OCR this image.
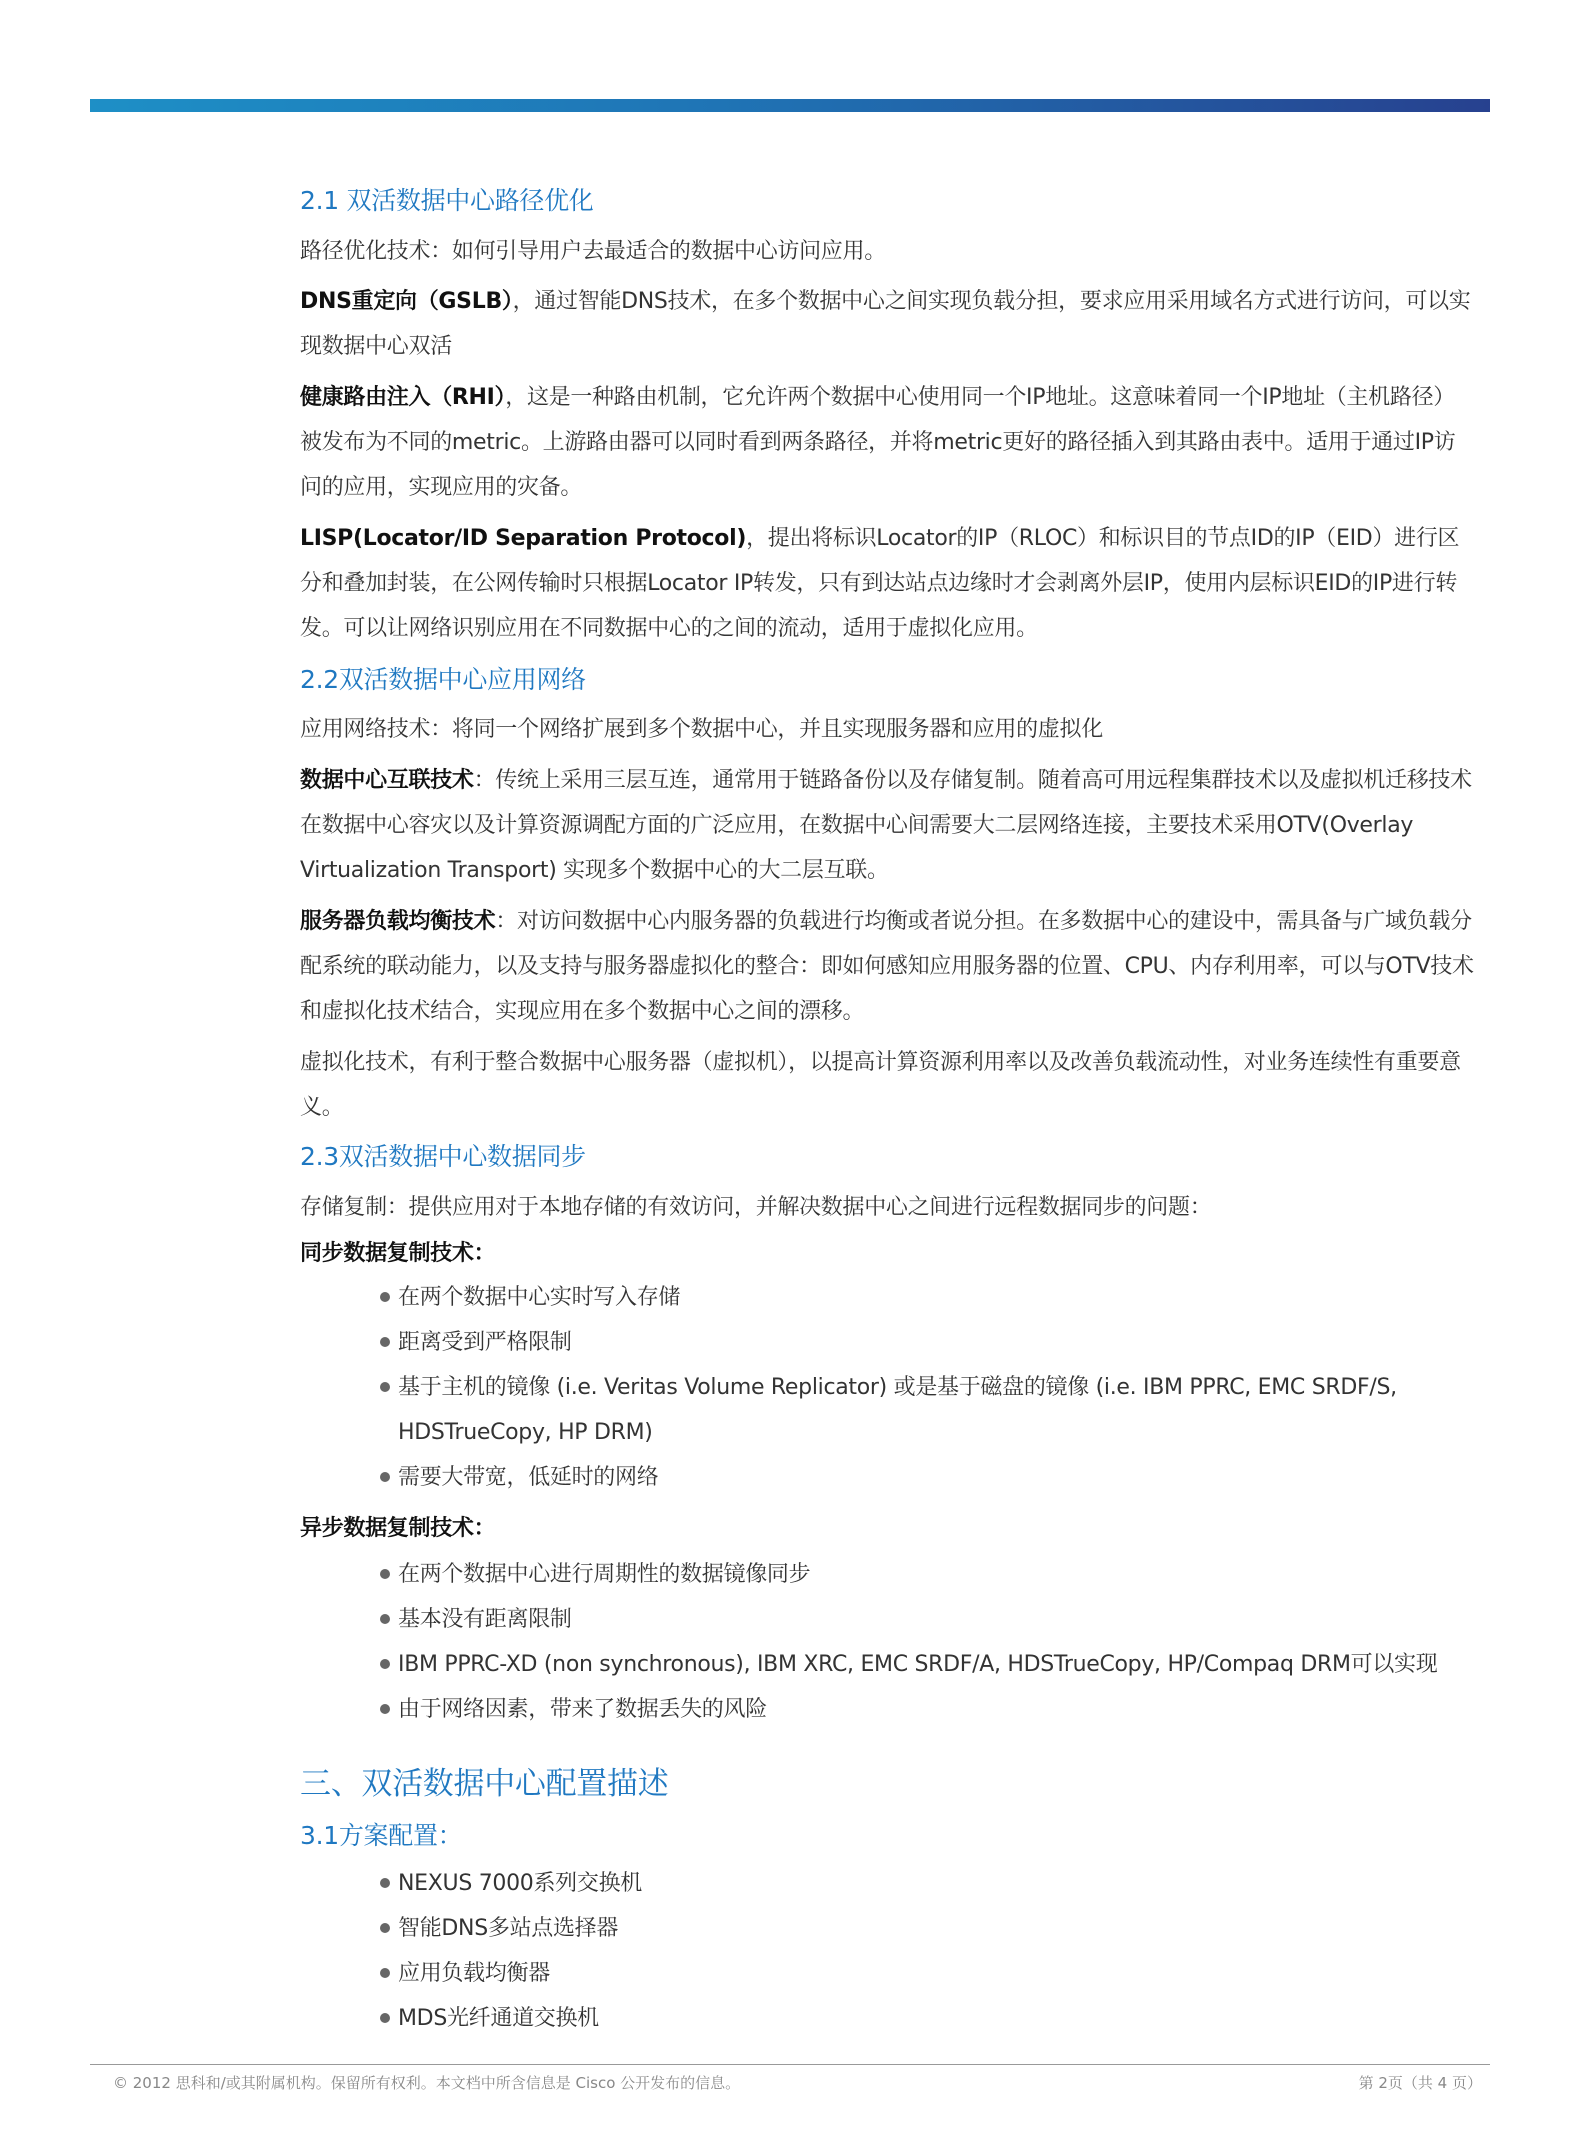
2.1 双活数据中心路径优化
路径优化技术：如何引导用户去最适合的数据中心访问应用。
DNS重定向（GSLB），通过智能DNS技术，在多个数据中心之间实现负载分担，要求应用采用域名方式进行访问，可以实现数据中心双活
健康路由注入（RHI），这是一种路由机制，它允许两个数据中心使用同一个IP地址。这意味着同一个IP地址（主机路径）被发布为不同的metric。上游路由器可以同时看到两条路径，并将metric更好的路径插入到其路由表中。适用于通过IP访问的应用，实现应用的灾备。
LISP(Locator/ID Separation Protocol)，提出将标识Locator的IP（RLOC）和标识目的节点ID的IP（EID）进行区分和叠加封装，在公网传输时只根据Locator IP转发，只有到达站点边缘时才会剥离外层IP，使用内层标识EID的IP进行转发。可以让网络识别应用在不同数据中心的之间的流动，适用于虚拟化应用。
2.2双活数据中心应用网络
应用网络技术：将同一个网络扩展到多个数据中心，并且实现服务器和应用的虚拟化
数据中心互联技术：传统上采用三层互连，通常用于链路备份以及存储复制。随着高可用远程集群技术以及虚拟机迁移技术在数据中心容灾以及计算资源调配方面的广泛应用，在数据中心间需要大二层网络连接，主要技术采用OTV(Overlay Virtualization Transport) 实现多个数据中心的大二层互联。
服务器负载均衡技术：对访问数据中心内服务器的负载进行均衡或者说分担。在多数据中心的建设中，需具备与广域负载分配系统的联动能力，以及支持与服务器虚拟化的整合：即如何感知应用服务器的位置、CPU、内存利用率，可以与OTV技术和虚拟化技术结合，实现应用在多个数据中心之间的漂移。
虚拟化技术，有利于整合数据中心服务器（虚拟机），以提高计算资源利用率以及改善负载流动性，对业务连续性有重要意义。
2.3双活数据中心数据同步
存储复制：提供应用对于本地存储的有效访问，并解决数据中心之间进行远程数据同步的问题：
同步数据复制技术：
在两个数据中心实时写入存储
距离受到严格限制
基于主机的镜像 (i.e. Veritas Volume Replicator) 或是基于磁盘的镜像 (i.e. IBM PPRC, EMC SRDF/S, HDSTrueCopy, HP DRM)
需要大带宽，低延时的网络
异步数据复制技术：
在两个数据中心进行周期性的数据镜像同步
基本没有距离限制
IBM PPRC-XD (non synchronous), IBM XRC, EMC SRDF/A, HDSTrueCopy, HP/Compaq DRM可以实现
由于网络因素，带来了数据丢失的风险
三、双活数据中心配置描述
3.1方案配置：
NEXUS 7000系列交换机
智能DNS多站点选择器
应用负载均衡器
MDS光纤通道交换机
© 2012 思科和/或其附属机构。保留所有权利。本文档中所含信息是 Cisco 公开发布的信息。	第 2页（共 4 页）
